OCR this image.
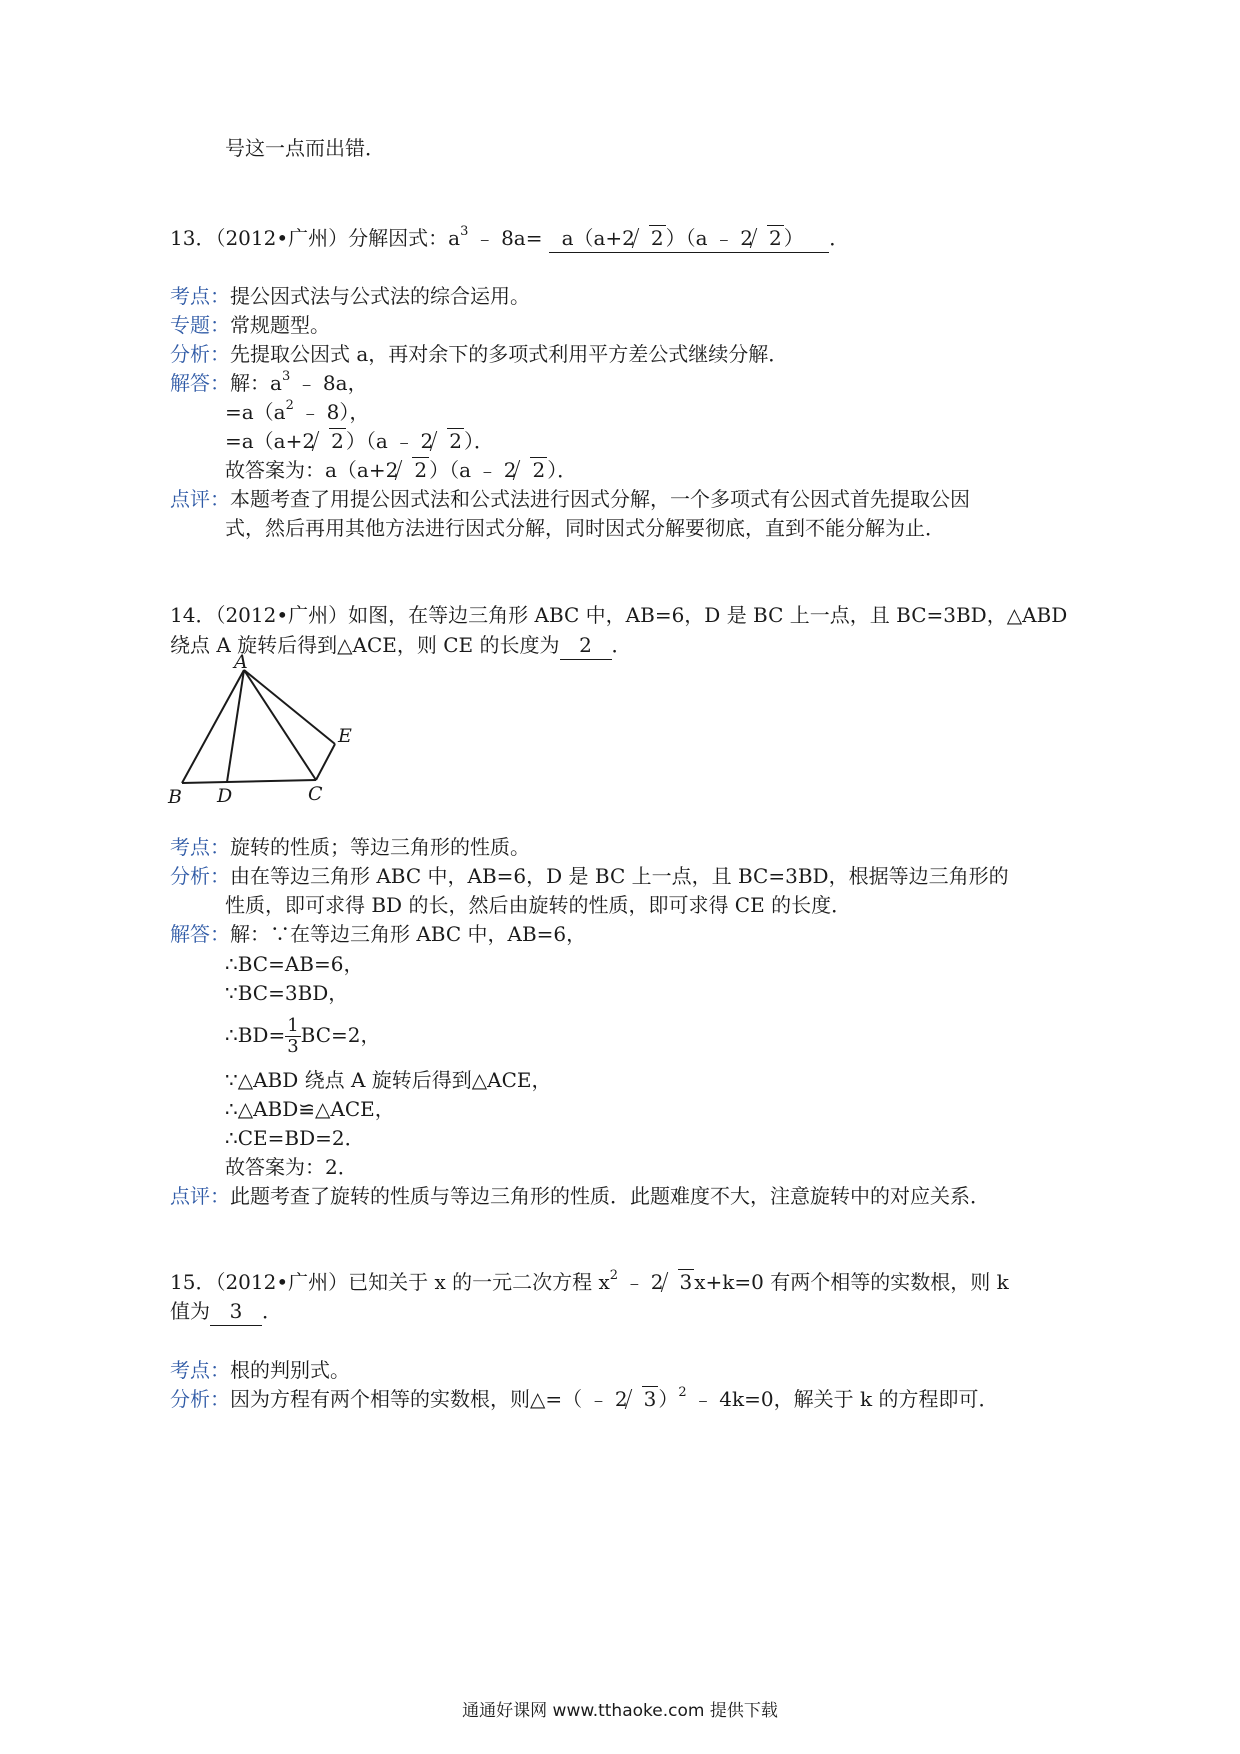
号这一点而出错．
13．（2012•广州）分解因式：$a^3$ ﹣ 8a= a（a+2 2 ）（a ﹣ 2 2 ） ．
考点：提公因式法与公式法的综合运用。
专题：常规题型。
分析：先提取公因式 a，再对余下的多项式利用平方差公式继续分解．
解答：解：$a^3$ ﹣ 8a，
$=a(a^2$ ﹣ 8），
=a（a+2 2 ）（a ﹣ 2 2 ）．
故答案为：a（a+2 2 ）（a ﹣ 2 2 ）．
点评：本题考查了用提公因式法和公式法进行因式分解，一个多项式有公因式首先提取公因
式，然后再用其他方法进行因式分解，同时因式分解要彻底，直到不能分解为止．
14．（2012•广州）如图，在等边三角形 ABC 中，AB=6，D 是 BC 上一点，且 BC=3BD，△ABD
绕点 A 旋转后得到△ACE，则 CE 的长度为 2 ．
A
B D	C
E
考点：旋转的性质；等边三角形的性质。
分析：由在等边三角形 ABC 中，AB=6，D 是 BC 上一点，且 BC=3BD，根据等边三角形的
性质，即可求得 BD 的长，然后由旋转的性质，即可求得 CE 的长度．
解答：解：∵在等边三角形 ABC 中，AB=6，
∴BC=AB=6，
∵BC=3BD，
∴BD= $\frac{1}{3} BC=2$，
∵△ABD 绕点 A 旋转后得到△ACE，
∴△ABD≌△ACE，
∴CE=BD=2．
故答案为：2．
点评：此题考查了旋转的性质与等边三角形的性质．此题难度不大，注意旋转中的对应关系．
15．（2012•广州）已知关于 x 的一元二次方程 $x^2$ ﹣ 2 3 x+k=0 有两个相等的实数根，则 k
值为 3 ．
考点：根的判别式。
分析：因为方程有两个相等的实数根，则△=（ ﹣ 2 3 ）$^2$ ﹣ 4k=0，解关于 k 的方程即可．
通通好课网 www.tthaoke.com 提供下载
